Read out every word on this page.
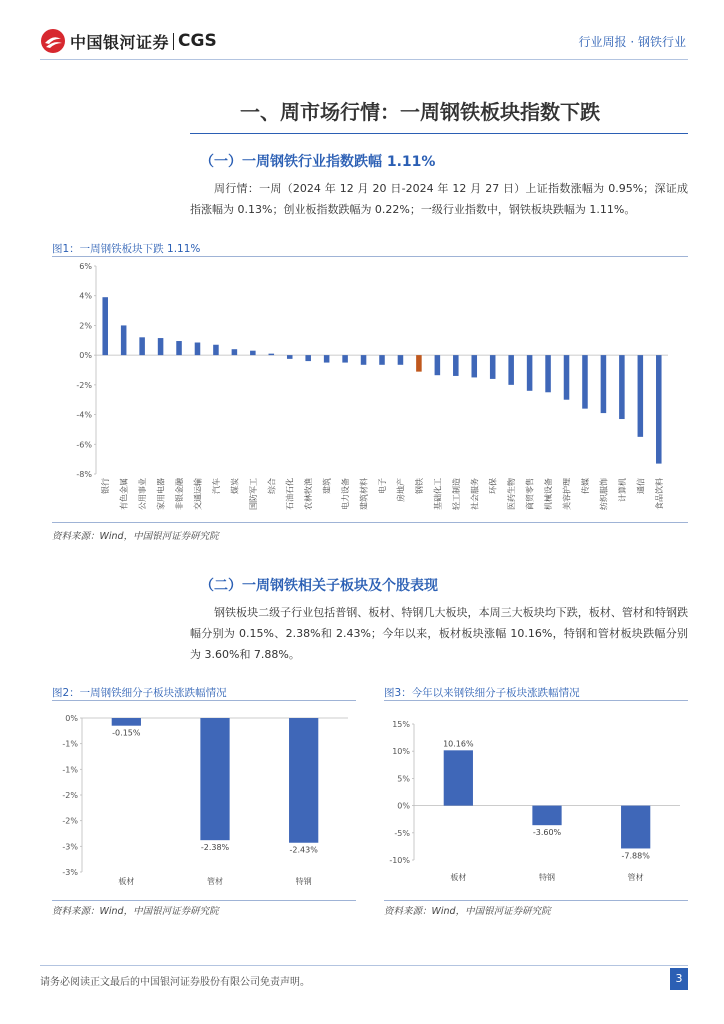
中国银河证券 CGS	行业周报 · 钢铁行业
一、周市场行情：一周钢铁板块指数下跌
（一）一周钢铁行业指数跌幅 1.11%
周行情：一周（2024 年 12 月 20 日-2024 年 12 月 27 日）上证指数涨幅为 0.95%；深证成指涨幅为 0.13%；创业板指数跌幅为 0.22%；一级行业指数中，钢铁板块跌幅为 1.11%。
图1：一周钢铁板块下跌 1.11%
6%
4%
2%
0%
-2%
-4%
-6%
-8%
银行 有色金属 公用事业 家用电器 非银金融 交通运输 汽车 煤炭 国防军工 综合 石油石化 农林牧渔 建筑 电力设备 建筑材料 电子 房地产 钢铁 基础化工 轻工制造 社会服务 环保 医药生物 商贸零售 机械设备 美容护理 传媒 纺织服饰 计算机 通信 食品饮料
资料来源：Wind，中国银河证券研究院
（二）一周钢铁相关子板块及个股表现
钢铁板块二级子行业包括普钢、板材、特钢几大板块，本周三大板块均下跌，板材、管材和特钢跌幅分别为 0.15%、2.38%和 2.43%；今年以来，板材板块涨幅 10.16%，特钢和管材板块跌幅分别为 3.60%和 7.88%。
图2：一周钢铁细分子板块涨跌幅情况
0%
-1%
-1%
-2%
-2%
-3%
-3%
板材
-0.15%
管材
-2.38%
特钢
-2.43%
资料来源：Wind，中国银河证券研究院
图3：今年以来钢铁细分子板块涨跌幅情况
15%
10%
5%
0%
-5%
-10%
板材
10.16%
特钢
-3.60%
管材
-7.88%
资料来源：Wind，中国银河证券研究院
请务必阅读正文最后的中国银河证券股份有限公司免责声明。	3
